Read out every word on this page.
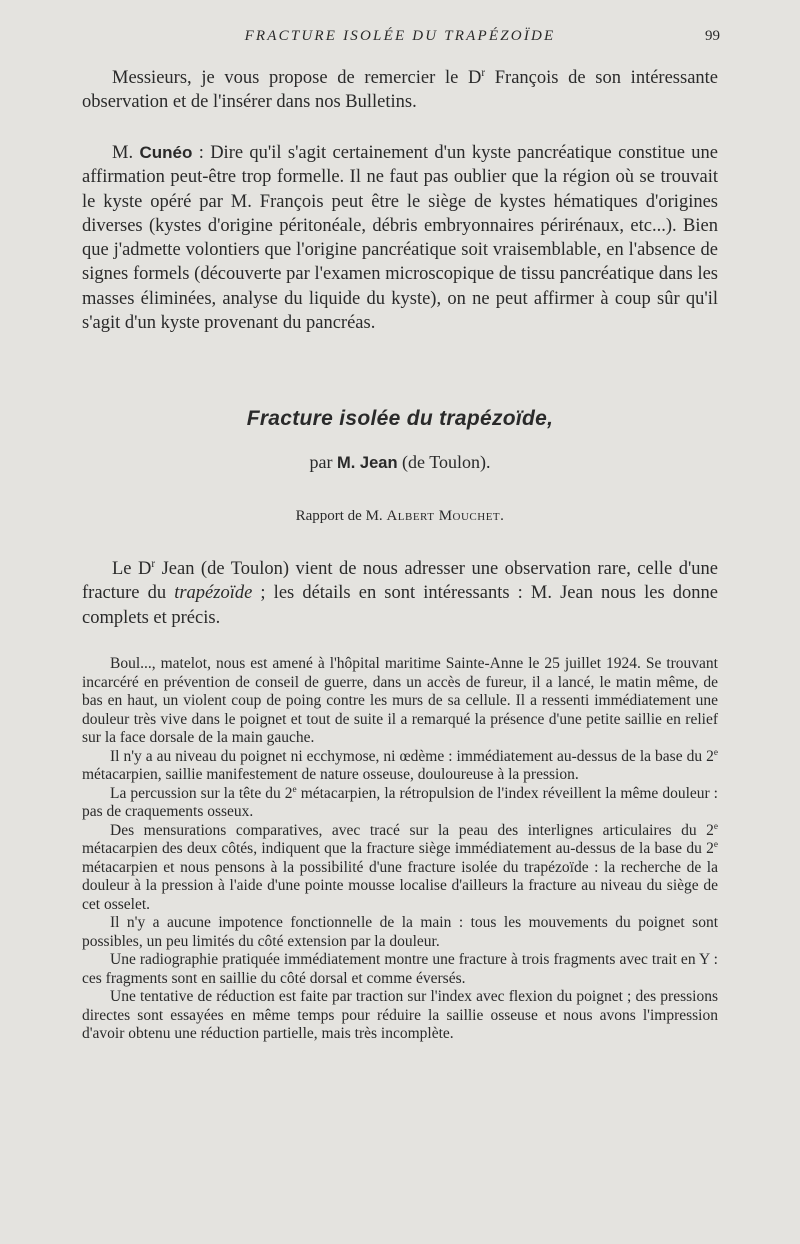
FRACTURE ISOLÉE DU TRAPÉZOÏDE	99

Messieurs, je vous propose de remercier le $D^r$ François de son intéressante observation et de l'insérer dans nos Bulletins.

M. Cunéo : Dire qu'il s'agit certainement d'un kyste pancréatique constitue une affirmation peut-être trop formelle. Il ne faut pas oublier que la région où se trouvait le kyste opéré par M. François peut être le siège de kystes hématiques d'origines diverses (kystes d'origine péritonéale, débris embryonnaires périrénaux, etc...). Bien que j'admette volontiers que l'origine pancréatique soit vraisemblable, en l'absence de signes formels (découverte par l'examen microscopique de tissu pancréatique dans les masses éliminées, analyse du liquide du kyste), on ne peut affirmer à coup sûr qu'il s'agit d'un kyste provenant du pancréas.

Fracture isolée du trapézoïde,

par M. Jean (de Toulon).

Rapport de M. Albert Mouchet.

Le $D^r$ Jean (de Toulon) vient de nous adresser une observation rare, celle d'une fracture du trapézoïde ; les détails en sont intéressants : M. Jean nous les donne complets et précis.

Boul..., matelot, nous est amené à l'hôpital maritime Sainte-Anne le 25 juillet 1924. Se trouvant incarcéré en prévention de conseil de guerre, dans un accès de fureur, il a lancé, le matin même, de bas en haut, un violent coup de poing contre les murs de sa cellule. Il a ressenti immédiatement une douleur très vive dans le poignet et tout de suite il a remarqué la présence d'une petite saillie en relief sur la face dorsale de la main gauche.

Il n'y a au niveau du poignet ni ecchymose, ni œdème : immédiatement au-dessus de la base du 2e métacarpien, saillie manifestement de nature osseuse, douloureuse à la pression.

La percussion sur la tête du 2e métacarpien, la rétropulsion de l'index réveillent la même douleur : pas de craquements osseux.

Des mensurations comparatives, avec tracé sur la peau des interlignes articulaires du 2e métacarpien des deux côtés, indiquent que la fracture siège immédiatement au-dessus de la base du 2e métacarpien et nous pensons à la possibilité d'une fracture isolée du trapézoïde : la recherche de la douleur à la pression à l'aide d'une pointe mousse localise d'ailleurs la fracture au niveau du siège de cet osselet.

Il n'y a aucune impotence fonctionnelle de la main : tous les mouvements du poignet sont possibles, un peu limités du côté extension par la douleur.

Une radiographie pratiquée immédiatement montre une fracture à trois fragments avec trait en Y : ces fragments sont en saillie du côté dorsal et comme éversés.

Une tentative de réduction est faite par traction sur l'index avec flexion du poignet ; des pressions directes sont essayées en même temps pour réduire la saillie osseuse et nous avons l'impression d'avoir obtenu une réduction partielle, mais très incomplète.
